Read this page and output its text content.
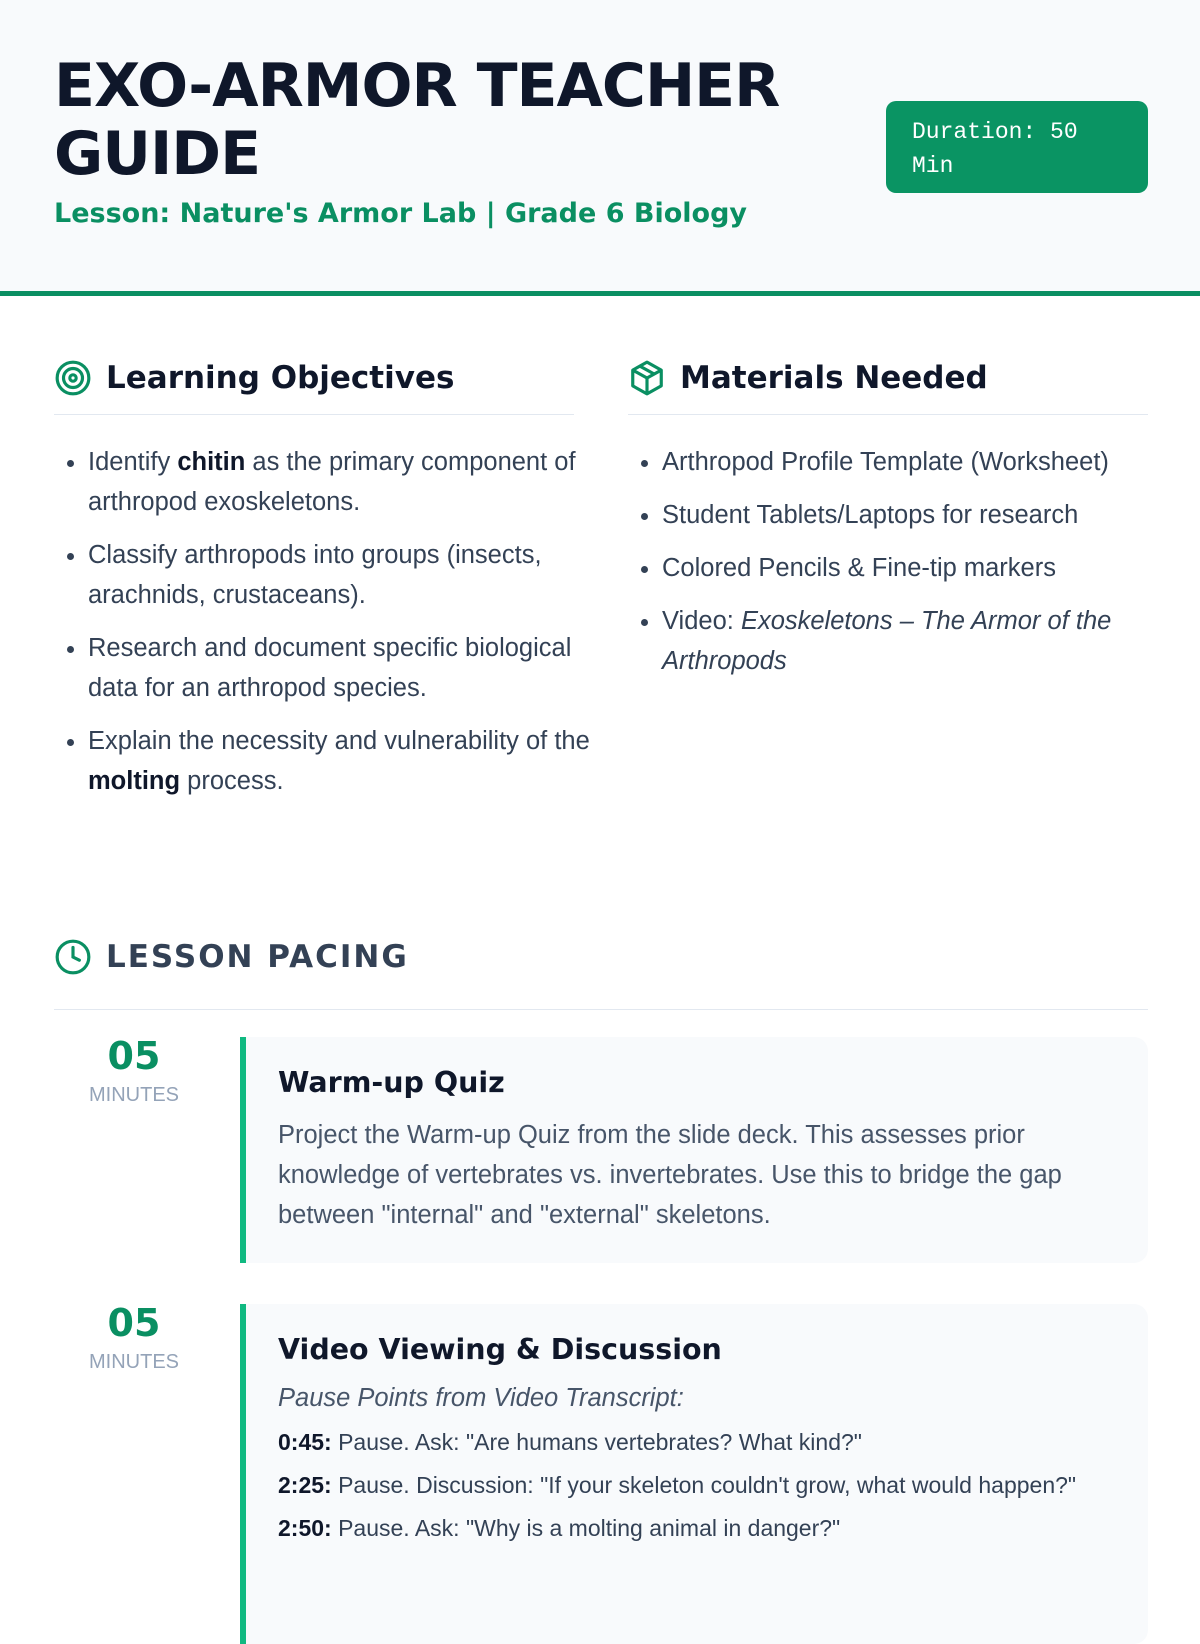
EXO-ARMOR TEACHER GUIDE
Lesson: Nature's Armor Lab | Grade 6 Biology
Duration: 50 Min
Learning Objectives
• Identify chitin as the primary component of arthropod exoskeletons.
• Classify arthropods into groups (insects, arachnids, crustaceans).
• Research and document specific biological data for an arthropod species.
• Explain the necessity and vulnerability of the molting process.
Materials Needed
• Arthropod Profile Template (Worksheet)
• Student Tablets/Laptops for research
• Colored Pencils & Fine-tip markers
• Video: Exoskeletons – The Armor of the Arthropods
LESSON PACING
05
MINUTES	Warm-up Quiz
Project the Warm-up Quiz from the slide deck. This assesses prior knowledge of vertebrates vs. invertebrates. Use this to bridge the gap between "internal" and "external" skeletons.
05
MINUTES	Video Viewing & Discussion
Pause Points from Video Transcript:
0:45: Pause. Ask: "Are humans vertebrates? What kind?"
2:25: Pause. Discussion: "If your skeleton couldn't grow, what would happen?"
2:50: Pause. Ask: "Why is a molting animal in danger?"
